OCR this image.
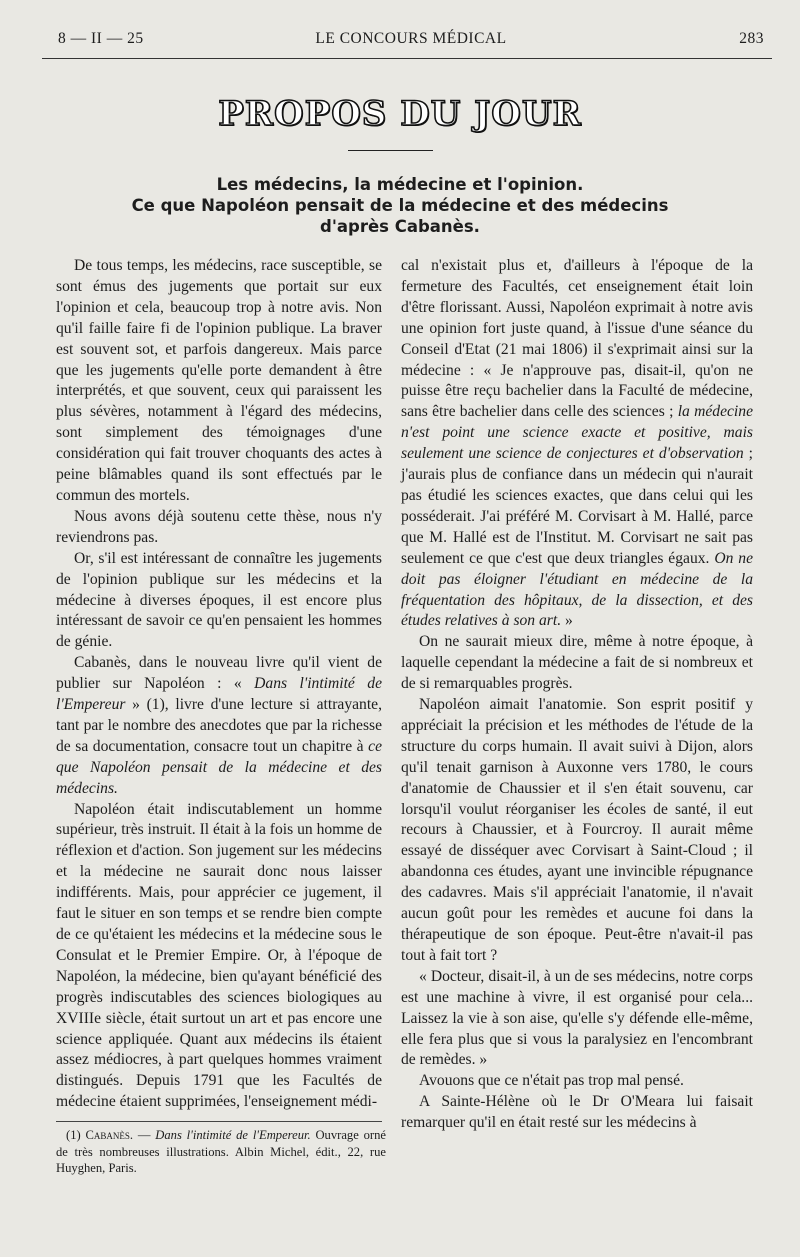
8 — II — 25	LE CONCOURS MÉDICAL	283
PROPOS DU JOUR
Les médecins, la médecine et l'opinion.
Ce que Napoléon pensait de la médecine et des médecins
d'après Cabanès.

De tous temps, les médecins, race susceptible, se sont émus des jugements que portait sur eux l'opinion et cela, beaucoup trop à notre avis. Non qu'il faille faire fi de l'opinion publique. La braver est souvent sot, et parfois dangereux. Mais parce que les jugements qu'elle porte demandent à être interprétés, et que souvent, ceux qui paraissent les plus sévères, notamment à l'égard des médecins, sont simplement des témoignages d'une considération qui fait trouver choquants des actes à peine blâmables quand ils sont effectués par le commun des mortels.

Nous avons déjà soutenu cette thèse, nous n'y reviendrons pas.

Or, s'il est intéressant de connaître les jugements de l'opinion publique sur les médecins et la médecine à diverses époques, il est encore plus intéressant de savoir ce qu'en pensaient les hommes de génie.

Cabanès, dans le nouveau livre qu'il vient de publier sur Napoléon : « Dans l'intimité de l'Empereur » (1), livre d'une lecture si attrayante, tant par le nombre des anecdotes que par la richesse de sa documentation, consacre tout un chapitre à ce que Napoléon pensait de la médecine et des médecins.

Napoléon était indiscutablement un homme supérieur, très instruit. Il était à la fois un homme de réflexion et d'action. Son jugement sur les médecins et la médecine ne saurait donc nous laisser indifférents. Mais, pour apprécier ce jugement, il faut le situer en son temps et se rendre bien compte de ce qu'étaient les médecins et la médecine sous le Consulat et le Premier Empire. Or, à l'époque de Napoléon, la médecine, bien qu'ayant bénéficié des progrès indiscutables des sciences biologiques au XVIIIe siècle, était surtout un art et pas encore une science appliquée. Quant aux médecins ils étaient assez médiocres, à part quelques hommes vraiment distingués. Depuis 1791 que les Facultés de médecine étaient supprimées, l'enseignement médi-

cal n'existait plus et, d'ailleurs à l'époque de la fermeture des Facultés, cet enseignement était loin d'être florissant. Aussi, Napoléon exprimait à notre avis une opinion fort juste quand, à l'issue d'une séance du Conseil d'Etat (21 mai 1806) il s'exprimait ainsi sur la médecine : « Je n'approuve pas, disait-il, qu'on ne puisse être reçu bachelier dans la Faculté de médecine, sans être bachelier dans celle des sciences ; la médecine n'est point une science exacte et positive, mais seulement une science de conjectures et d'observation ; j'aurais plus de confiance dans un médecin qui n'aurait pas étudié les sciences exactes, que dans celui qui les posséderait. J'ai préféré M. Corvisart à M. Hallé, parce que M. Hallé est de l'Institut. M. Corvisart ne sait pas seulement ce que c'est que deux triangles égaux. On ne doit pas éloigner l'étudiant en médecine de la fréquentation des hôpitaux, de la dissection, et des études relatives à son art. »

On ne saurait mieux dire, même à notre époque, à laquelle cependant la médecine a fait de si nombreux et de si remarquables progrès.

Napoléon aimait l'anatomie. Son esprit positif y appréciait la précision et les méthodes de l'étude de la structure du corps humain. Il avait suivi à Dijon, alors qu'il tenait garnison à Auxonne vers 1780, le cours d'anatomie de Chaussier et il s'en était souvenu, car lorsqu'il voulut réorganiser les écoles de santé, il eut recours à Chaussier, et à Fourcroy. Il aurait même essayé de disséquer avec Corvisart à Saint-Cloud ; il abandonna ces études, ayant une invincible répugnance des cadavres. Mais s'il appréciait l'anatomie, il n'avait aucun goût pour les remèdes et aucune foi dans la thérapeutique de son époque. Peut-être n'avait-il pas tout à fait tort ?

« Docteur, disait-il, à un de ses médecins, notre corps est une machine à vivre, il est organisé pour cela... Laissez la vie à son aise, qu'elle s'y défende elle-même, elle fera plus que si vous la paralysiez en l'encombrant de remèdes. »

Avouons que ce n'était pas trop mal pensé.

A Sainte-Hélène où le Dr O'Meara lui faisait remarquer qu'il en était resté sur les médecins à

(1) Cabanès. — Dans l'intimité de l'Empereur. Ouvrage orné de très nombreuses illustrations. Albin Michel, édit., 22, rue Huyghen, Paris.
